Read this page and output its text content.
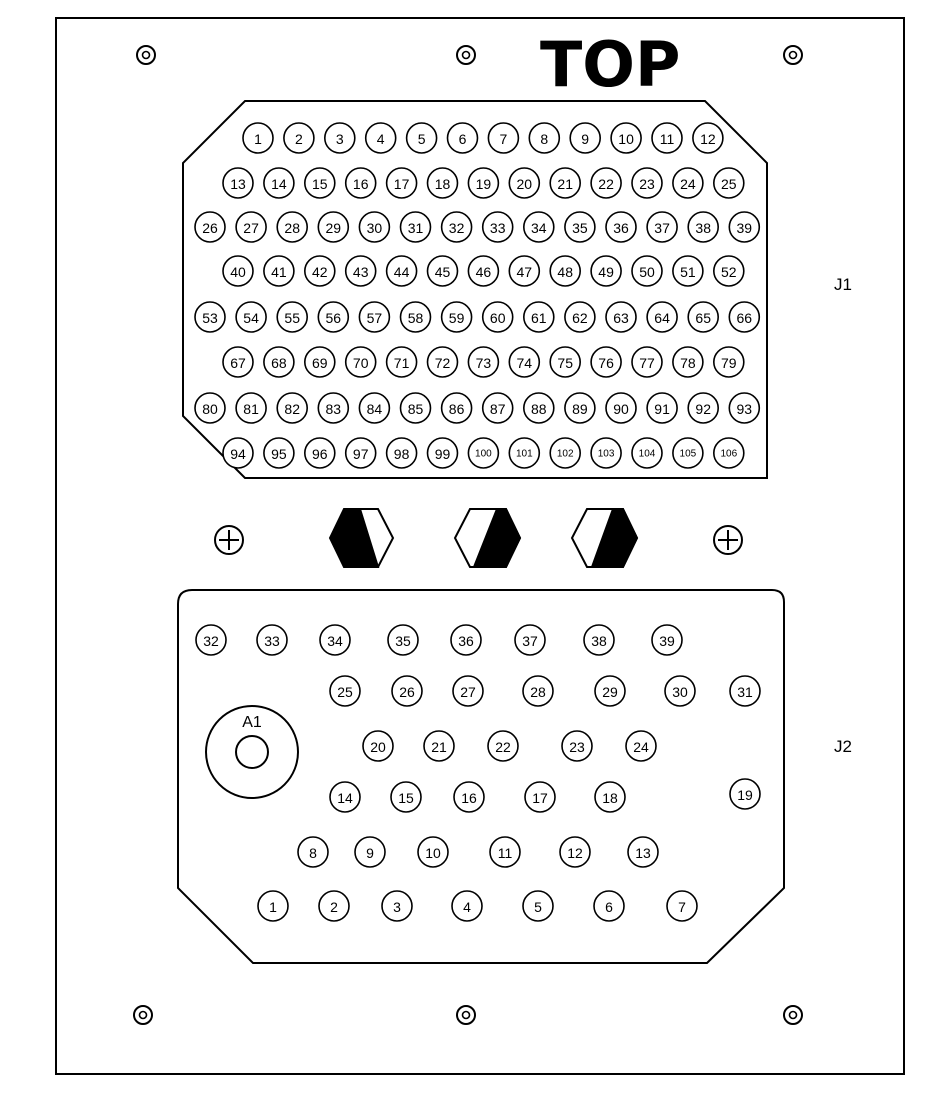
TOP
1 2 3 4 5 6 7 8 9 10 11 12
13 14 15 16 17 18 19 20 21 22 23 24 25
26 27 28 29 30 31 32 33 34 35 36 37 38 39
40 41 42 43 44 45 46 47 48 49 50 51 52
53 54 55 56 57 58 59 60 61 62 63 64 65 66
67 68 69 70 71 72 73 74 75 76 77 78 79
80 81 82 83 84 85 86 87 88 89 90 91 92 93
94 95 96 97 98 99 100 101 102 103 104 105 106
J1
A1
32	33	34	35	36	37	38	39
25	26	27	28	29	30	31
20	21	22	23	24
14	15	16	17	18	19
8	9	10	11	12	13
1	2	3	4	5	6	7
J2
